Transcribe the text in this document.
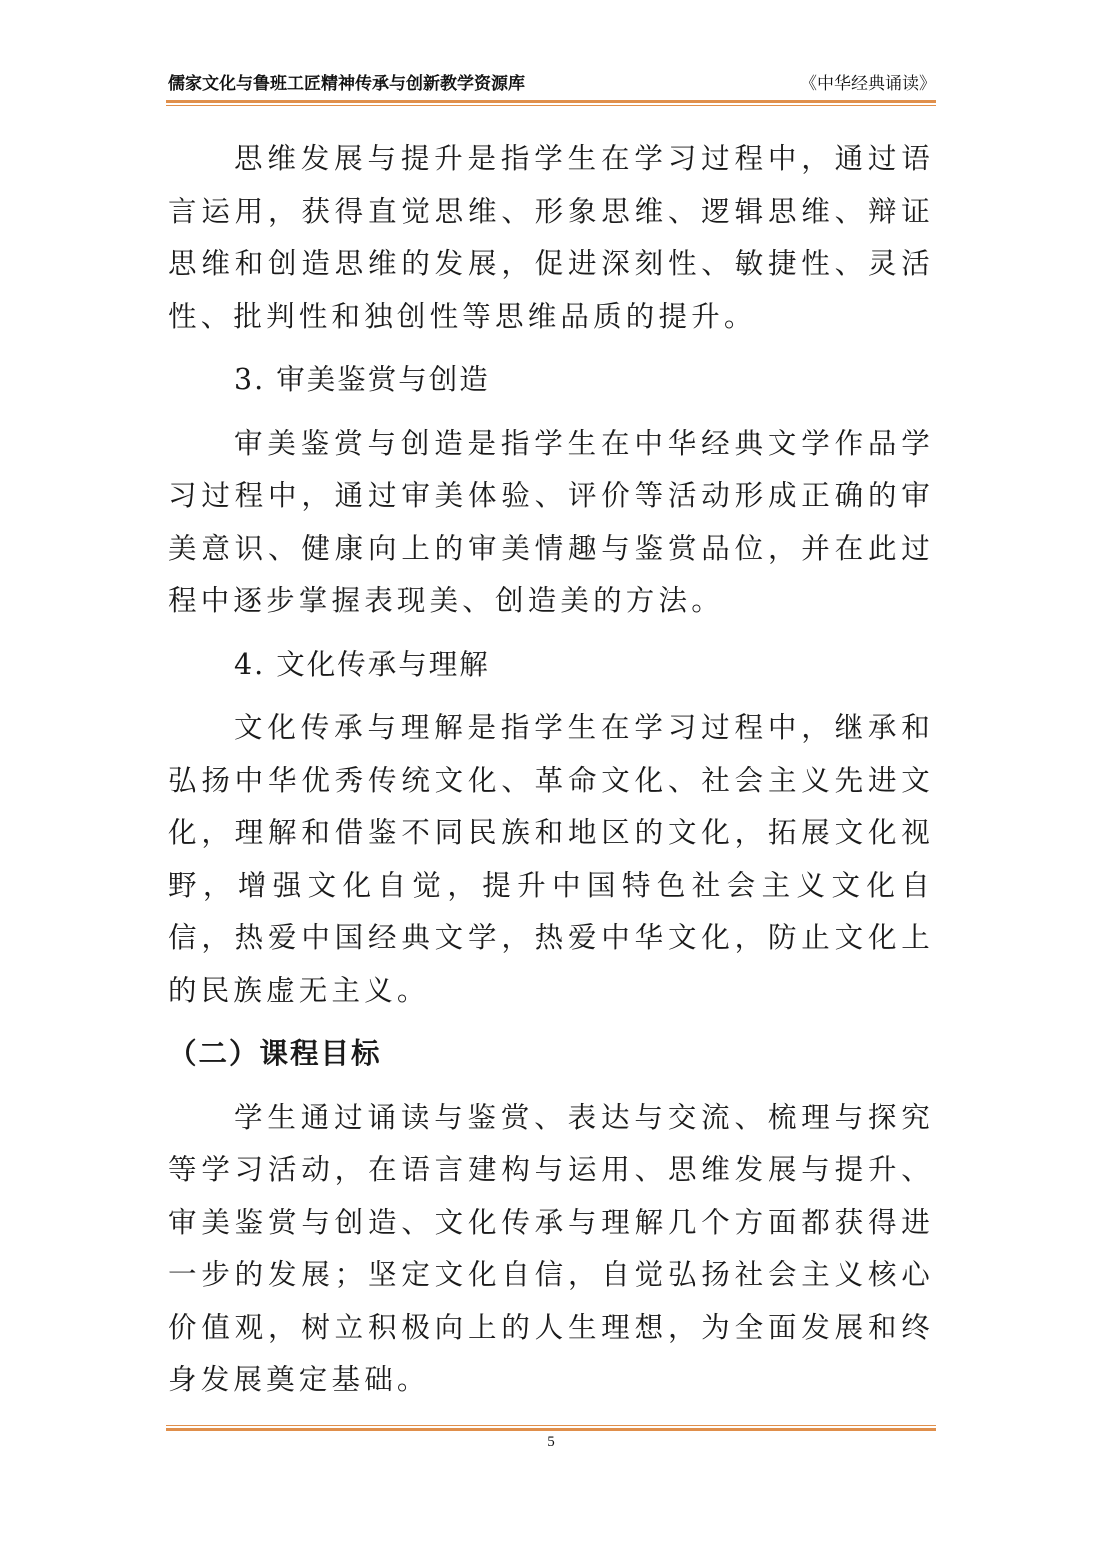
儒家文化与鲁班工匠精神传承与创新教学资源库	《中华经典诵读》

思维发展与提升是指学生在学习过程中，通过语言运用，获得直觉思维、形象思维、逻辑思维、辩证思维和创造思维的发展，促进深刻性、敏捷性、灵活性、批判性和独创性等思维品质的提升。

3. 审美鉴赏与创造

审美鉴赏与创造是指学生在中华经典文学作品学习过程中，通过审美体验、评价等活动形成正确的审美意识、健康向上的审美情趣与鉴赏品位，并在此过程中逐步掌握表现美、创造美的方法。

4. 文化传承与理解

文化传承与理解是指学生在学习过程中，继承和弘扬中华优秀传统文化、革命文化、社会主义先进文化，理解和借鉴不同民族和地区的文化，拓展文化视野，增强文化自觉，提升中国特色社会主义文化自信，热爱中国经典文学，热爱中华文化，防止文化上的民族虚无主义。

（二）课程目标

学生通过诵读与鉴赏、表达与交流、梳理与探究等学习活动，在语言建构与运用、思维发展与提升、审美鉴赏与创造、文化传承与理解几个方面都获得进一步的发展；坚定文化自信，自觉弘扬社会主义核心价值观，树立积极向上的人生理想，为全面发展和终身发展奠定基础。

5
